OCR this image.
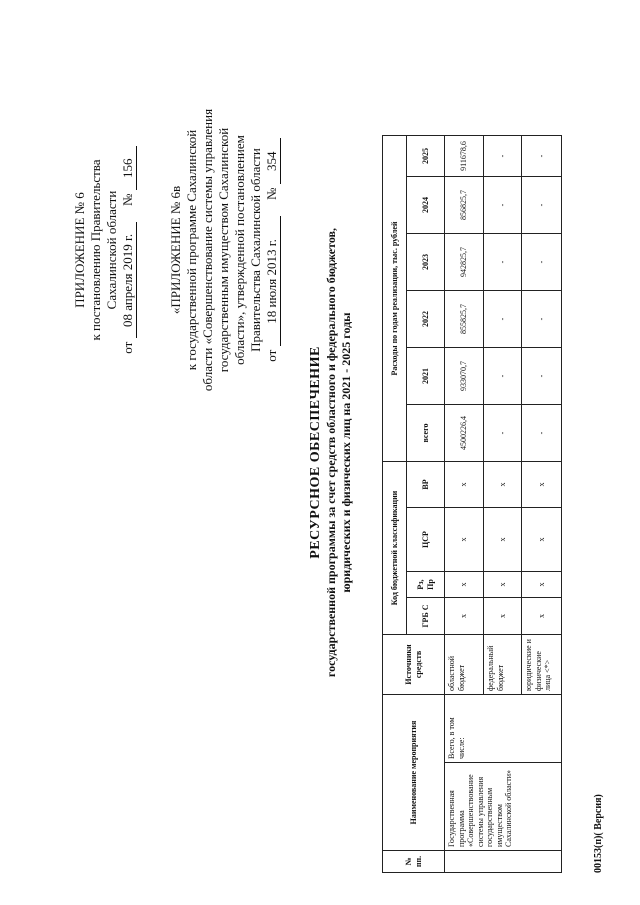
ПРИЛОЖЕНИЕ № 6 к постановлению Правительства Сахалинской области
от 08 апреля 2019 г.  № 156
«ПРИЛОЖЕНИЕ № 6в к государственной программе Сахалинской области «Совершенствование системы управления государственным имуществом Сахалинской области», утвержденной постановлением Правительства Сахалинской области
от 18 июля 2013 г.  № 354
РЕСУРСНОЕ ОБЕСПЕЧЕНИЕ государственной программы за счет средств областного и федерального бюджетов, юридических и физических лиц на 2021 - 2025 годы
№ пп.	Наименование мероприятия		Источники средств	Код бюджетной классификации				Расходы по годам реализации, тыс. рублей					
				ГРБ С	Рз, Пр	ЦСР	ВР	всего	2021	2022	2023	2024	2025
	Государственная программа «Совершенствование системы управления государственным имуществом Сахалинской области»	Всего, в том числе:	областной бюджет	х	х	х	х	4500226,4	933070,7	855825,7	942825,7	856825,7	911678,6
			федеральный бюджет	х	х	х	х	-	-	-	-	-	-
			юридические и физические лица <*>	х	х	х	х	-	-	-	-	-	-
00153(п)( Версия)
